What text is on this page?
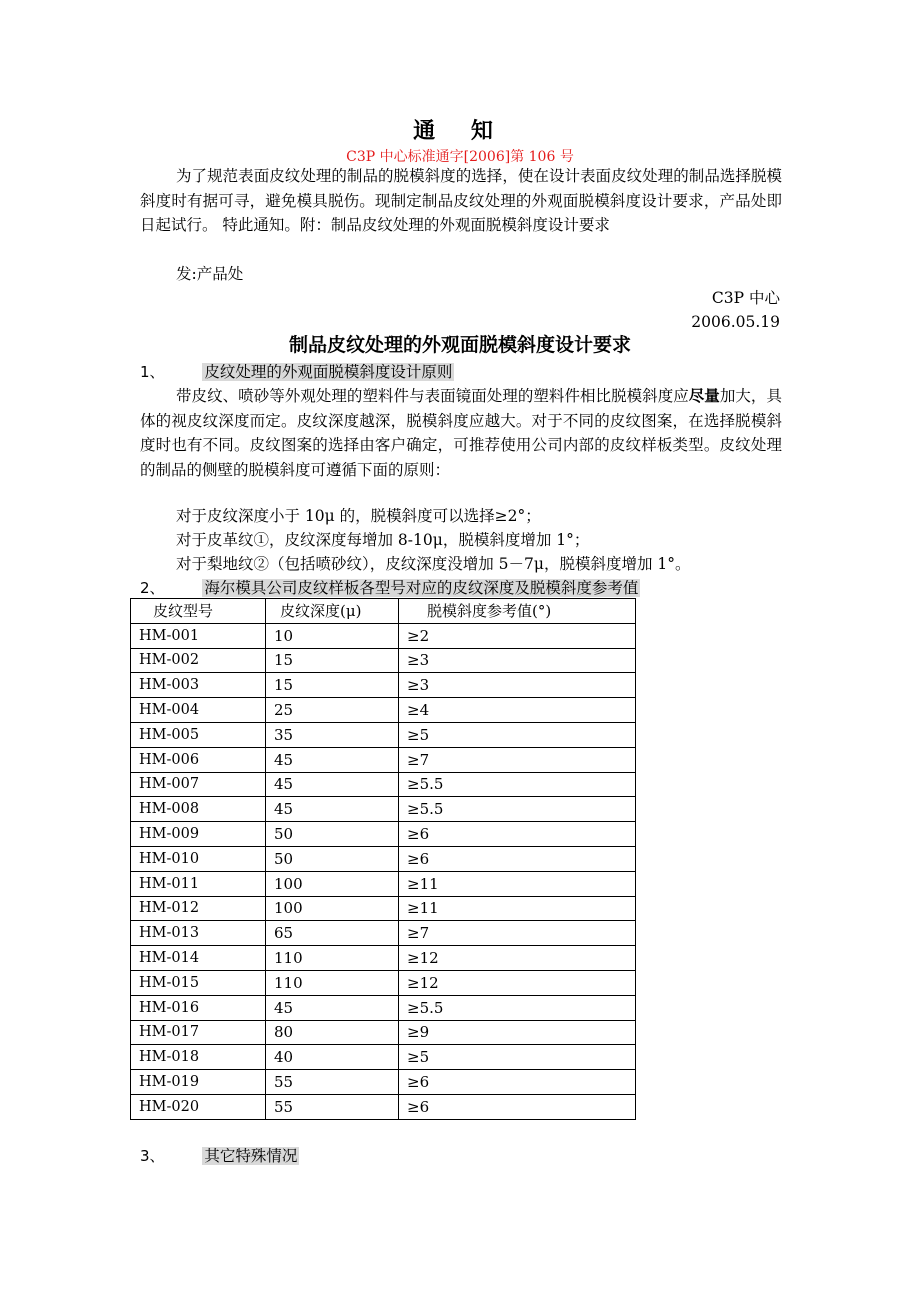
通 知
C3P 中心标准通字[2006]第 106 号
为了规范表面皮纹处理的制品的脱模斜度的选择，使在设计表面皮纹处理的制品选择脱模斜度时有据可寻，避免模具脱伤。现制定制品皮纹处理的外观面脱模斜度设计要求，产品处即日起试行。 特此通知。附：制品皮纹处理的外观面脱模斜度设计要求
发:产品处
C3P 中心
2006.05.19
制品皮纹处理的外观面脱模斜度设计要求
1、	皮纹处理的外观面脱模斜度设计原则
带皮纹、喷砂等外观处理的塑料件与表面镜面处理的塑料件相比脱模斜度应尽量加大，具体的视皮纹深度而定。皮纹深度越深，脱模斜度应越大。对于不同的皮纹图案，在选择脱模斜度时也有不同。皮纹图案的选择由客户确定，可推荐使用公司内部的皮纹样板类型。皮纹处理的制品的侧壁的脱模斜度可遵循下面的原则：
对于皮纹深度小于 10μ 的，脱模斜度可以选择≥2°；
对于皮革纹①，皮纹深度每增加 8-10μ，脱模斜度增加 1°；
对于梨地纹②（包括喷砂纹），皮纹深度没增加 5－7μ，脱模斜度增加 1°。
2、	海尔模具公司皮纹样板各型号对应的皮纹深度及脱模斜度参考值
皮纹型号	皮纹深度(μ)	脱模斜度参考值(°)
HM-001	10	≥2
HM-002	15	≥3
HM-003	15	≥3
HM-004	25	≥4
HM-005	35	≥5
HM-006	45	≥7
HM-007	45	≥5.5
HM-008	45	≥5.5
HM-009	50	≥6
HM-010	50	≥6
HM-011	100	≥11
HM-012	100	≥11
HM-013	65	≥7
HM-014	110	≥12
HM-015	110	≥12
HM-016	45	≥5.5
HM-017	80	≥9
HM-018	40	≥5
HM-019	55	≥6
HM-020	55	≥6
3、	其它特殊情况
